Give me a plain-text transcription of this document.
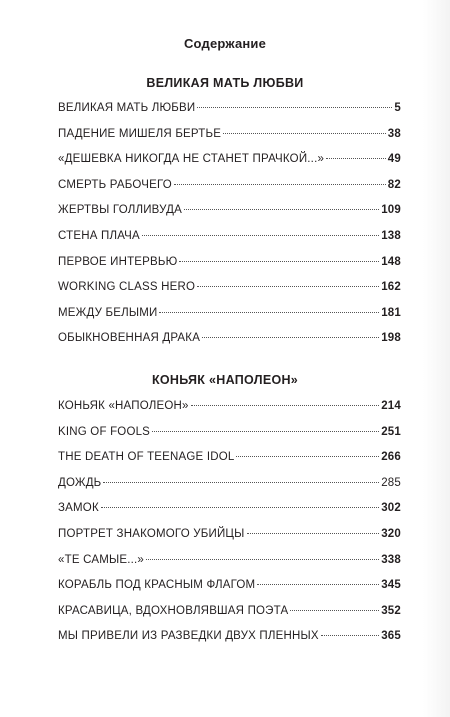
Содержание
ВЕЛИКАЯ МАТЬ ЛЮБВИ
ВЕЛИКАЯ МАТЬ ЛЮБВИ	5
ПАДЕНИЕ МИШЕЛЯ БЕРТЬЕ	38
«ДЕШЕВКА НИКОГДА НЕ СТАНЕТ ПРАЧКОЙ...»	49
СМЕРТЬ РАБОЧЕГО	82
ЖЕРТВЫ ГОЛЛИВУДА	109
СТЕНА ПЛАЧА	138
ПЕРВОЕ ИНТЕРВЬЮ	148
WORKING CLASS HERO	162
МЕЖДУ БЕЛЫМИ	181
ОБЫКНОВЕННАЯ ДРАКА	198
КОНЬЯК «НАПОЛЕОН»
КОНЬЯК «НАПОЛЕОН»	214
KING OF FOOLS	251
THE DEATH OF TEENAGE IDOL	266
ДОЖДЬ	285
ЗАМОК	302
ПОРТРЕТ ЗНАКОМОГО УБИЙЦЫ	320
«ТЕ САМЫЕ...»	338
КОРАБЛЬ ПОД КРАСНЫМ ФЛАГОМ	345
КРАСАВИЦА, ВДОХНОВЛЯВШАЯ ПОЭТА	352
МЫ ПРИВЕЛИ ИЗ РАЗВЕДКИ ДВУХ ПЛЕННЫХ	365
